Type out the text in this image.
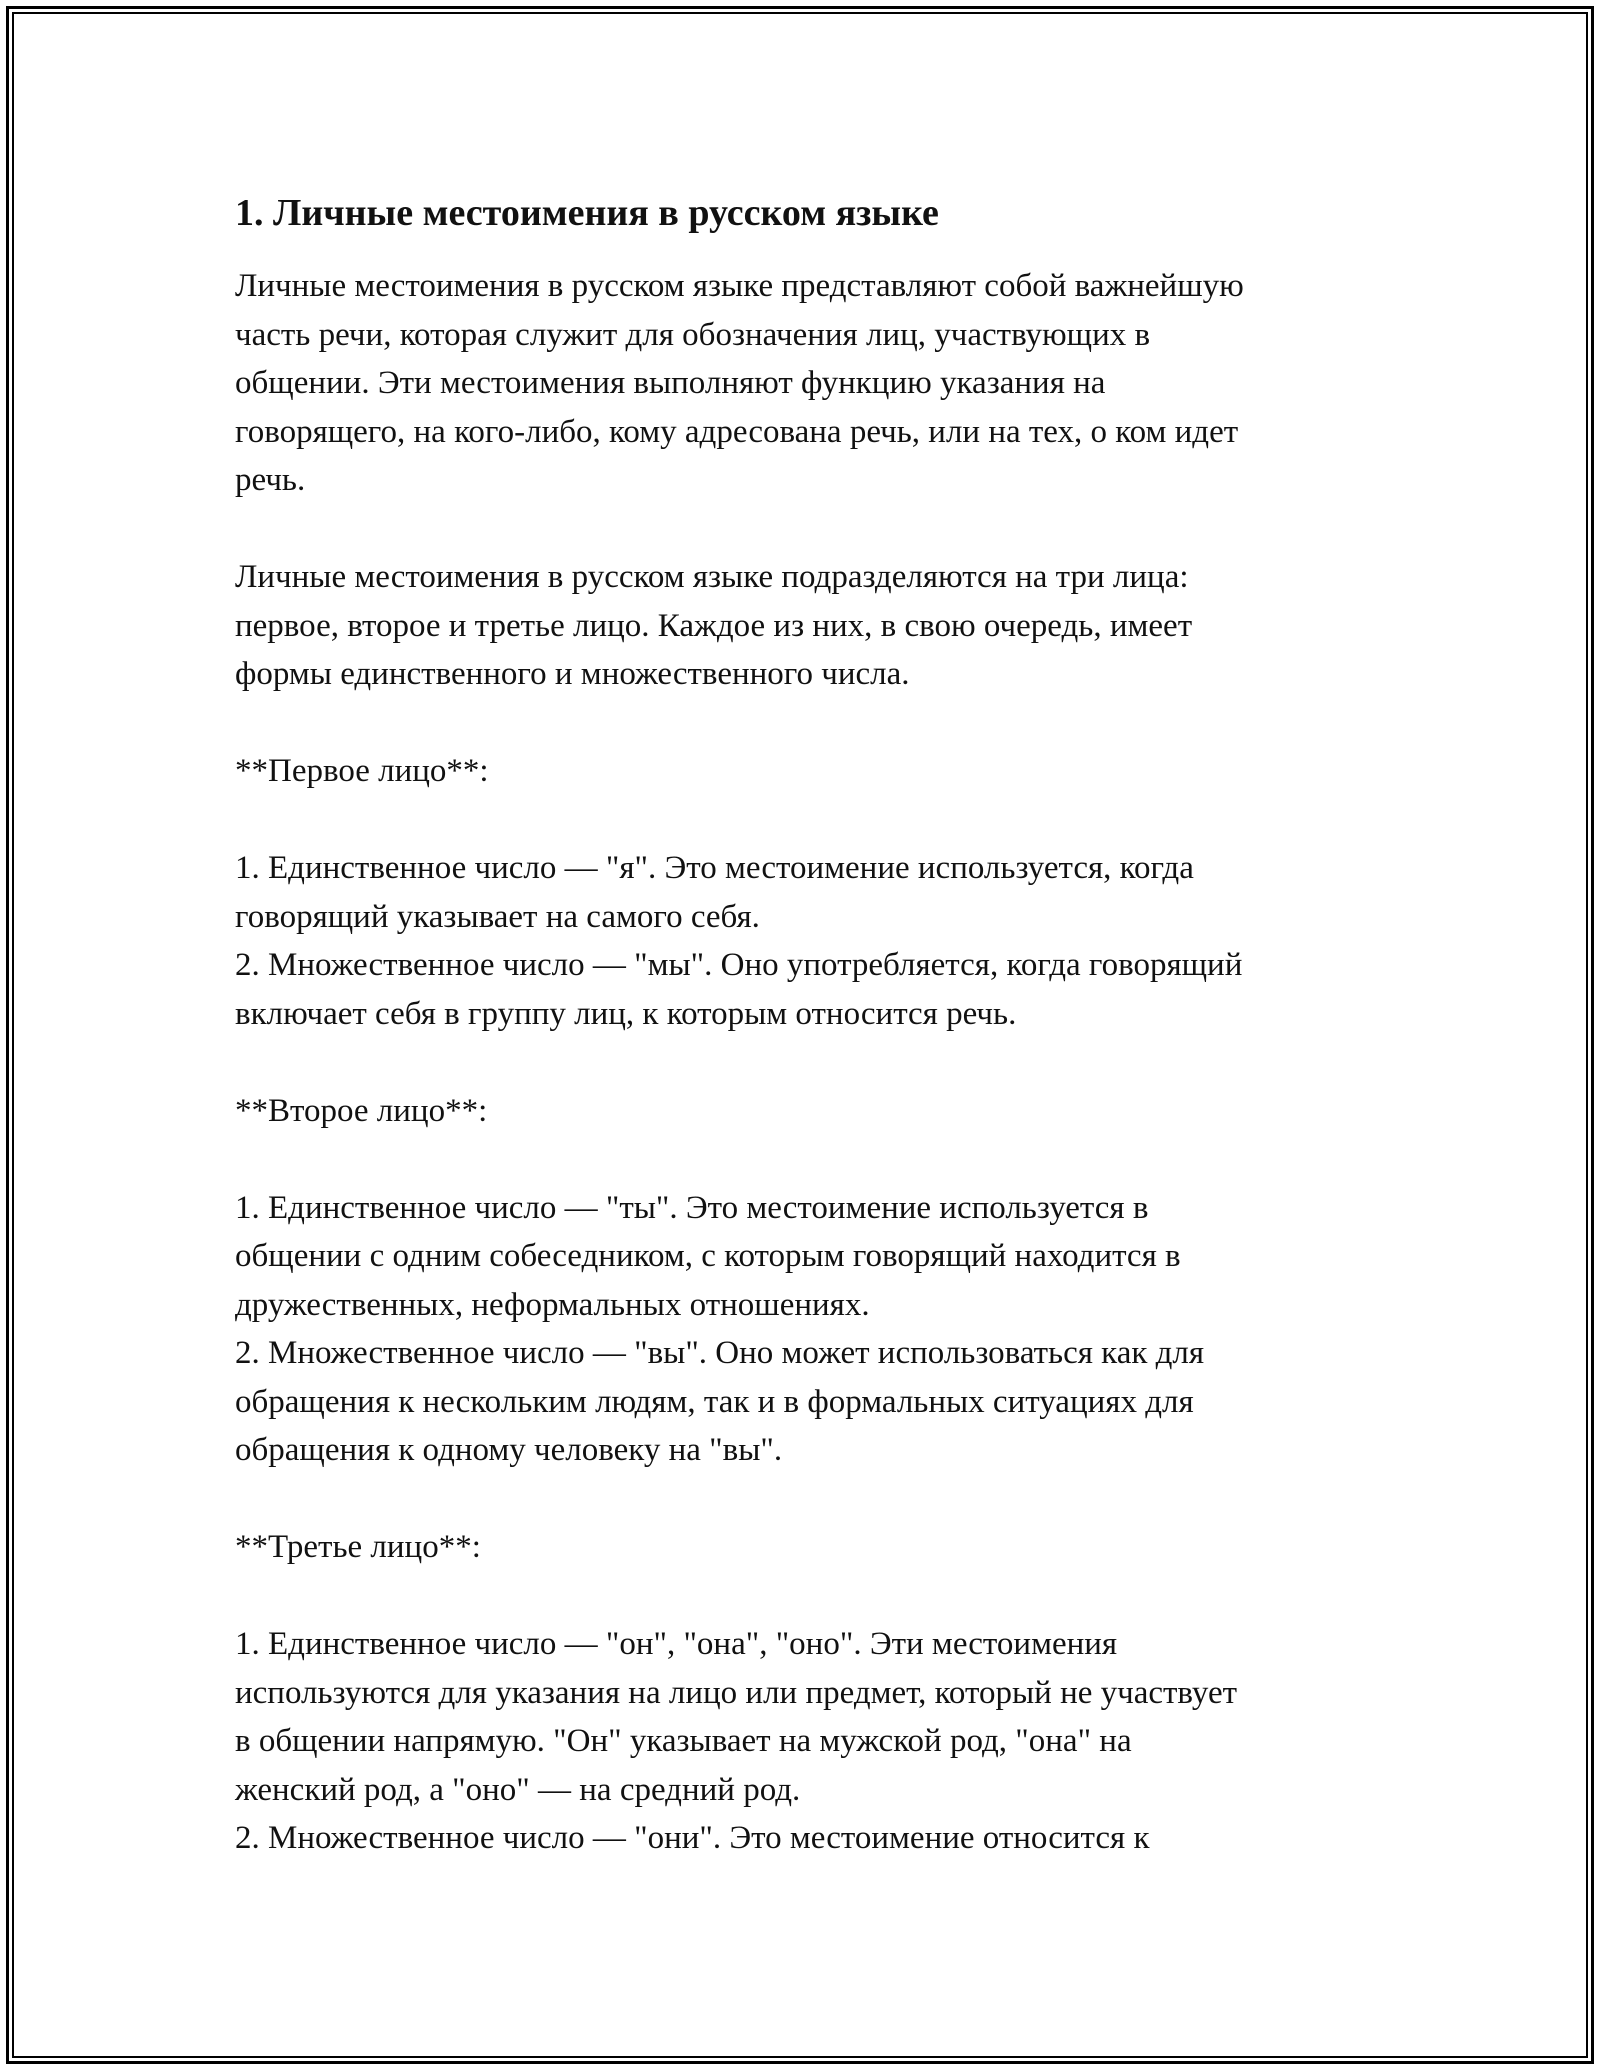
1. Личные местоимения в русском языке

Личные местоимения в русском языке представляют собой важнейшую
часть речи, которая служит для обозначения лиц, участвующих в
общении. Эти местоимения выполняют функцию указания на
говорящего, на кого-либо, кому адресована речь, или на тех, о ком идет
речь.

Личные местоимения в русском языке подразделяются на три лица:
первое, второе и третье лицо. Каждое из них, в свою очередь, имеет
формы единственного и множественного числа.

**Первое лицо**:

1. Единственное число — "я". Это местоимение используется, когда
говорящий указывает на самого себя.
2. Множественное число — "мы". Оно употребляется, когда говорящий
включает себя в группу лиц, к которым относится речь.

**Второе лицо**:

1. Единственное число — "ты". Это местоимение используется в
общении с одним собеседником, с которым говорящий находится в
дружественных, неформальных отношениях.
2. Множественное число — "вы". Оно может использоваться как для
обращения к нескольким людям, так и в формальных ситуациях для
обращения к одному человеку на "вы".

**Третье лицо**:

1. Единственное число — "он", "она", "оно". Эти местоимения
используются для указания на лицо или предмет, который не участвует
в общении напрямую. "Он" указывает на мужской род, "она" на
женский род, а "оно" — на средний род.
2. Множественное число — "они". Это местоимение относится к
